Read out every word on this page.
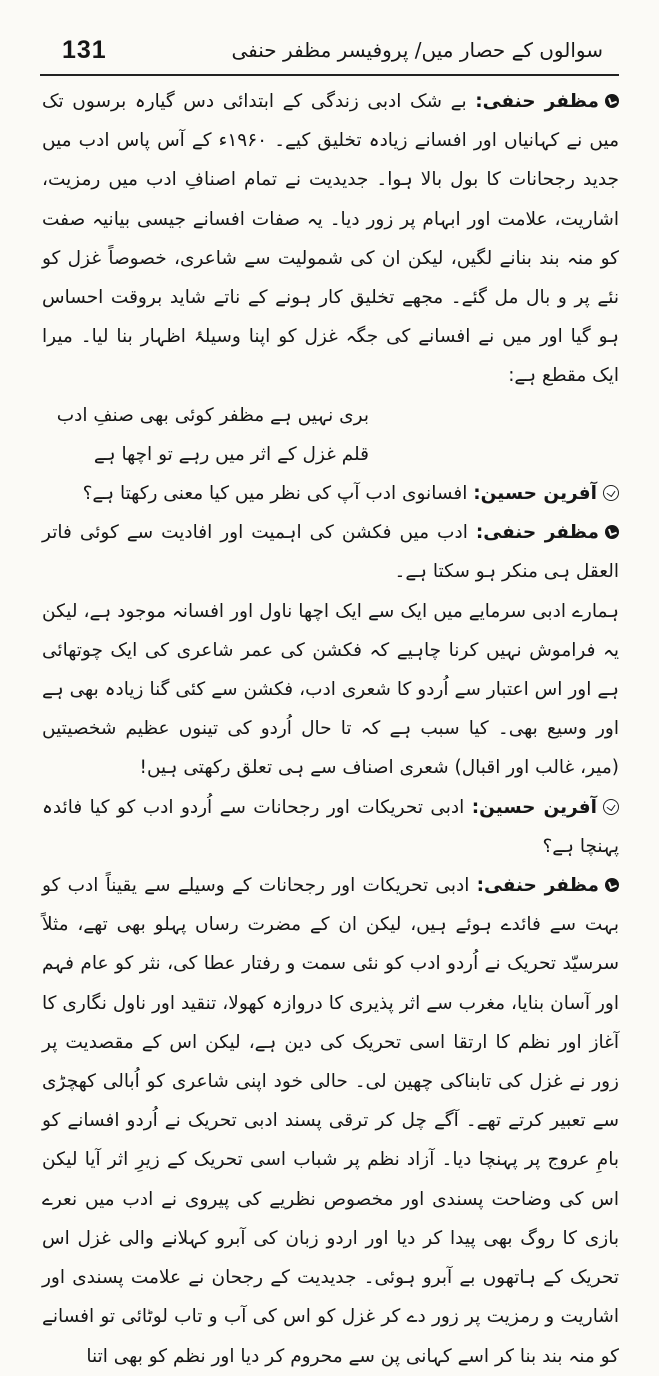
131	سوالوں کے حصار میں/ پروفیسر مظفر حنفی

مظفر حنفی: بے شک ادبی زندگی کے ابتدائی دس گیارہ برسوں تک میں نے کہانیاں اور افسانے زیادہ تخلیق کیے۔ ۱۹۶۰ء کے آس پاس ادب میں جدید رجحانات کا بول بالا ہوا۔ جدیدیت نے تمام اصنافِ ادب میں رمزیت، اشاریت، علامت اور ابہام پر زور دیا۔ یہ صفات افسانے جیسی بیانیہ صفت کو منہ بند بنانے لگیں، لیکن ان کی شمولیت سے شاعری، خصوصاً غزل کو نئے پر و بال مل گئے۔ مجھے تخلیق کار ہونے کے ناتے شاید بروقت احساس ہو گیا اور میں نے افسانے کی جگہ غزل کو اپنا وسیلۂ اظہار بنا لیا۔ میرا ایک مقطع ہے:

بری نہیں ہے مظفر کوئی بھی صنفِ ادب

قلم غزل کے اثر میں رہے تو اچھا ہے

آفرین حسین: افسانوی ادب آپ کی نظر میں کیا معنی رکھتا ہے؟

مظفر حنفی: ادب میں فکشن کی اہمیت اور افادیت سے کوئی فاتر العقل ہی منکر ہو سکتا ہے۔

ہمارے ادبی سرمایے میں ایک سے ایک اچھا ناول اور افسانہ موجود ہے، لیکن یہ فراموش نہیں کرنا چاہیے کہ فکشن کی عمر شاعری کی ایک چوتھائی ہے اور اس اعتبار سے اُردو کا شعری ادب، فکشن سے کئی گنا زیادہ بھی ہے اور وسیع بھی۔ کیا سبب ہے کہ تا حال اُردو کی تینوں عظیم شخصیتیں (میر، غالب اور اقبال) شعری اصناف سے ہی تعلق رکھتی ہیں!

آفرین حسین: ادبی تحریکات اور رجحانات سے اُردو ادب کو کیا فائدہ پہنچا ہے؟

مظفر حنفی: ادبی تحریکات اور رجحانات کے وسیلے سے یقیناً ادب کو بہت سے فائدے ہوئے ہیں، لیکن ان کے مضرت رساں پہلو بھی تھے، مثلاً سرسیّد تحریک نے اُردو ادب کو نئی سمت و رفتار عطا کی، نثر کو عام فہم اور آسان بنایا، مغرب سے اثر پذیری کا دروازہ کھولا، تنقید اور ناول نگاری کا آغاز اور نظم کا ارتقا اسی تحریک کی دین ہے، لیکن اس کے مقصدیت پر زور نے غزل کی تابناکی چھین لی۔ حالی خود اپنی شاعری کو اُبالی کھچڑی سے تعبیر کرتے تھے۔ آگے چل کر ترقی پسند ادبی تحریک نے اُردو افسانے کو بامِ عروج پر پہنچا دیا۔ آزاد نظم پر شباب اسی تحریک کے زیرِ اثر آیا لیکن اس کی وضاحت پسندی اور مخصوص نظریے کی پیروی نے ادب میں نعرے بازی کا روگ بھی پیدا کر دیا اور اردو زبان کی آبرو کہلانے والی غزل اس تحریک کے ہاتھوں بے آبرو ہوئی۔ جدیدیت کے رجحان نے علامت پسندی اور اشاریت و رمزیت پر زور دے کر غزل کو اس کی آب و تاب لوٹائی تو افسانے کو منہ بند بنا کر اسے کہانی پن سے محروم کر دیا اور نظم کو بھی اتنا
